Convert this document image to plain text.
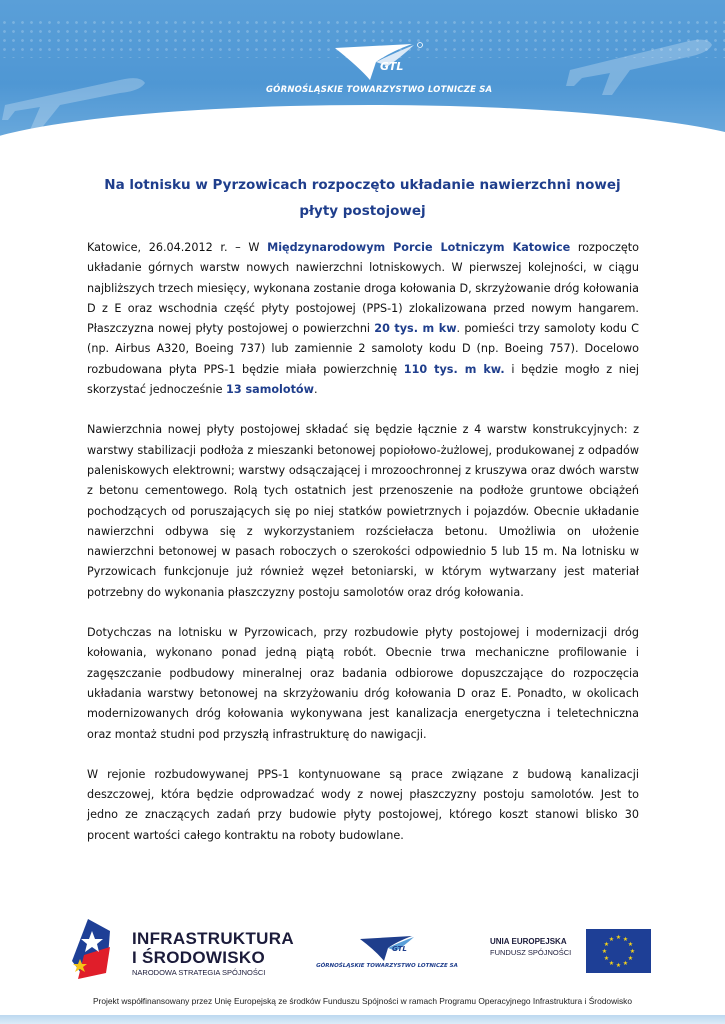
GTL
GÓRNOŚLĄSKIE TOWARZYSTWO LOTNICZE SA
Na lotnisku w Pyrzowicach rozpoczęto układanie nawierzchni nowej
płyty postojowej

Katowice, 26.04.2012 r. – W Międzynarodowym Porcie Lotniczym Katowice rozpoczęto układanie górnych warstw nowych nawierzchni lotniskowych. W pierwszej kolejności, w ciągu najbliższych trzech miesięcy, wykonana zostanie droga kołowania D, skrzyżowanie dróg kołowania D z E oraz wschodnia część płyty postojowej (PPS-1) zlokalizowana przed nowym hangarem. Płaszczyzna nowej płyty postojowej o powierzchni 20 tys. m kw. pomieści trzy samoloty kodu C (np. Airbus A320, Boeing 737) lub zamiennie 2 samoloty kodu D (np. Boeing 757). Docelowo rozbudowana płyta PPS-1 będzie miała powierzchnię 110 tys. m kw. i będzie mogło z niej skorzystać jednocześnie 13 samolotów.

Nawierzchnia nowej płyty postojowej składać się będzie łącznie z 4 warstw konstrukcyjnych: z warstwy stabilizacji podłoża z mieszanki betonowej popiołowo-żużlowej, produkowanej z odpadów paleniskowych elektrowni; warstwy odsączającej i mrozoochronnej z kruszywa oraz dwóch warstw z betonu cementowego. Rolą tych ostatnich jest przenoszenie na podłoże gruntowe obciążeń pochodzących od poruszających się po niej statków powietrznych i pojazdów. Obecnie układanie nawierzchni odbywa się z wykorzystaniem rozściełacza betonu. Umożliwia on ułożenie nawierzchni betonowej w pasach roboczych o szerokości odpowiednio 5 lub 15 m. Na lotnisku w Pyrzowicach funkcjonuje już również węzeł betoniarski, w którym wytwarzany jest materiał potrzebny do wykonania płaszczyzny postoju samolotów oraz dróg kołowania.

Dotychczas na lotnisku w Pyrzowicach, przy rozbudowie płyty postojowej i modernizacji dróg kołowania, wykonano ponad jedną piątą robót. Obecnie trwa mechaniczne profilowanie i zagęszczanie podbudowy mineralnej oraz badania odbiorowe dopuszczające do rozpoczęcia układania warstwy betonowej na skrzyżowaniu dróg kołowania D oraz E. Ponadto, w okolicach modernizowanych dróg kołowania wykonywana jest kanalizacja energetyczna i teletechniczna oraz montaż studni pod przyszłą infrastrukturę do nawigacji.

W rejonie rozbudowywanej PPS-1 kontynuowane są prace związane z budową kanalizacji deszczowej, która będzie odprowadzać wody z nowej płaszczyzny postoju samolotów. Jest to jedno ze znaczących zadań przy budowie płyty postojowej, którego koszt stanowi blisko 30 procent wartości całego kontraktu na roboty budowlane.

INFRASTRUKTURA
I ŚRODOWISKO
NARODOWA STRATEGIA SPÓJNOŚCI
GTL
GÓRNOŚLĄSKIE TOWARZYSTWO LOTNICZE SA
UNIA EUROPEJSKA
FUNDUSZ SPÓJNOŚCI
★ ★
★
★
★
★
★
★
★
★
★
★
Projekt współfinansowany przez Unię Europejską ze środków Funduszu Spójności w ramach Programu Operacyjnego Infrastruktura i Środowisko
